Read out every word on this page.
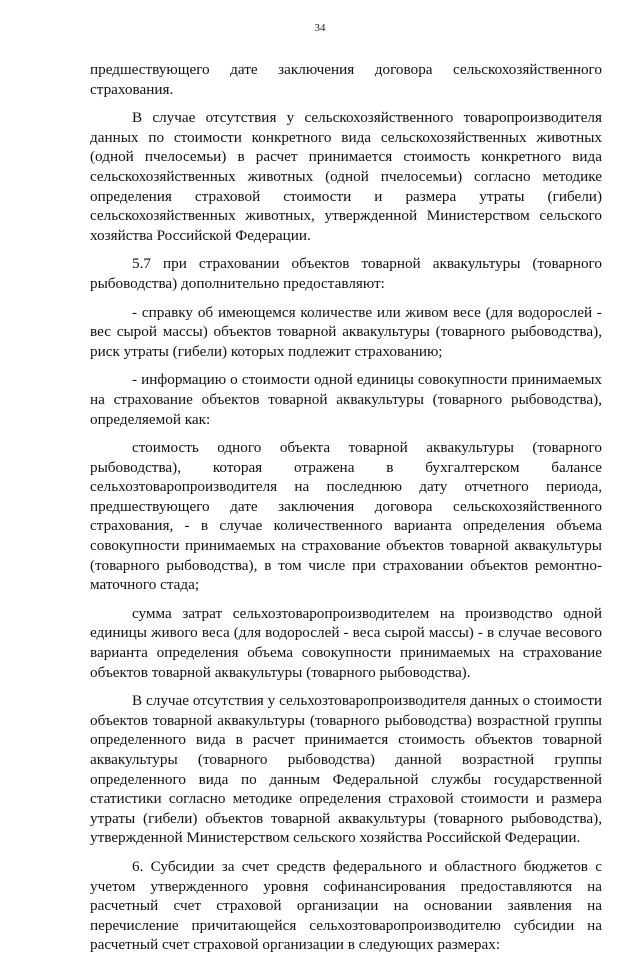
34

предшествующего дате заключения договора сельскохозяйственного страхования.

В случае отсутствия у сельскохозяйственного товаропроизводителя данных по стоимости конкретного вида сельскохозяйственных животных (одной пчелосемьи) в расчет принимается стоимость конкретного вида сельскохозяйственных животных (одной пчелосемьи) согласно методике определения страховой стоимости и размера утраты (гибели) сельскохозяйственных животных, утвержденной Министерством сельского хозяйства Российской Федерации.

5.7 при страховании объектов товарной аквакультуры (товарного рыбоводства) дополнительно предоставляют:

- справку об имеющемся количестве или живом весе (для водорослей - вес сырой массы) объектов товарной аквакультуры (товарного рыбоводства), риск утраты (гибели) которых подлежит страхованию;

- информацию о стоимости одной единицы совокупности принимаемых на страхование объектов товарной аквакультуры (товарного рыбоводства), определяемой как:

стоимость одного объекта товарной аквакультуры (товарного рыбоводства), которая отражена в бухгалтерском балансе сельхозтоваропроизводителя на последнюю дату отчетного периода, предшествующего дате заключения договора сельскохозяйственного страхования, - в случае количественного варианта определения объема совокупности принимаемых на страхование объектов товарной аквакультуры (товарного рыбоводства), в том числе при страховании объектов ремонтно-маточного стада;

сумма затрат сельхозтоваропроизводителем на производство одной единицы живого веса (для водорослей - веса сырой массы) - в случае весового варианта определения объема совокупности принимаемых на страхование объектов товарной аквакультуры (товарного рыбоводства).

В случае отсутствия у сельхозтоваропроизводителя данных о стоимости объектов товарной аквакультуры (товарного рыбоводства) возрастной группы определенного вида в расчет принимается стоимость объектов товарной аквакультуры (товарного рыбоводства) данной возрастной группы определенного вида по данным Федеральной службы государственной статистики согласно методике определения страховой стоимости и размера утраты (гибели) объектов товарной аквакультуры (товарного рыбоводства), утвержденной Министерством сельского хозяйства Российской Федерации.

6. Субсидии за счет средств федерального и областного бюджетов с учетом утвержденного уровня софинансирования предоставляются на расчетный счет страховой организации на основании заявления на перечисление причитающейся сельхозтоваропроизводителю субсидии на расчетный счет страховой организации в следующих размерах:
